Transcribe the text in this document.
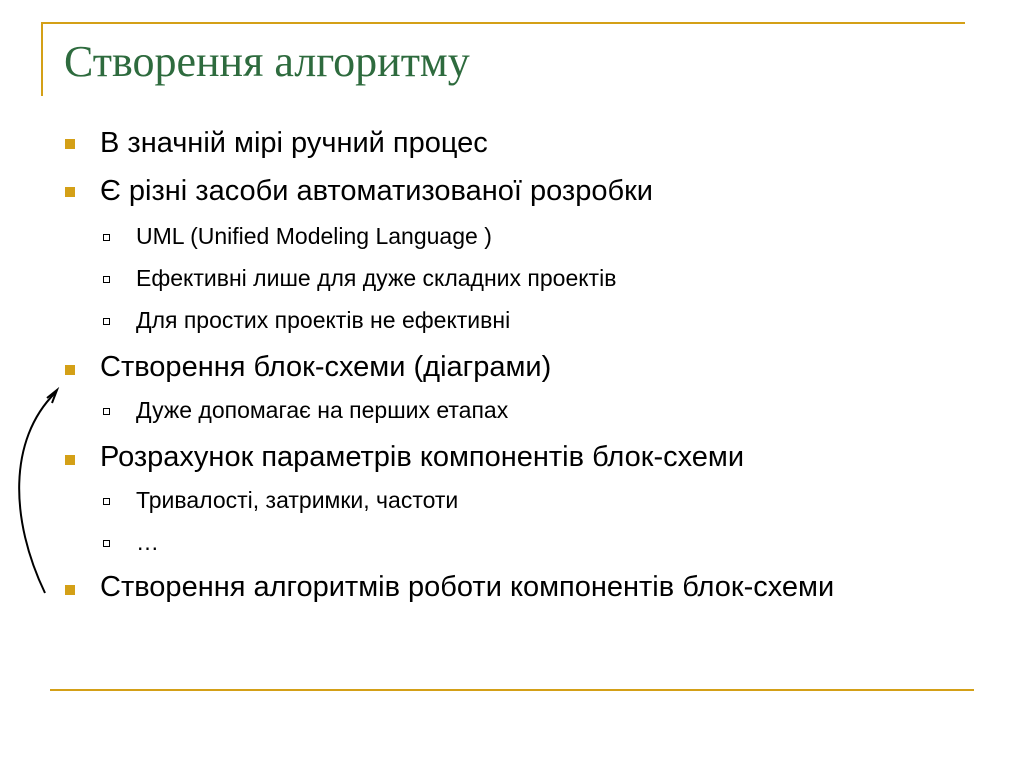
Створення алгоритму
В значній мірі ручний процес
Є різні засоби автоматизованої розробки
UML (Unified Modeling Language )
Ефективні лише для дуже складних проектів
Для простих проектів не ефективні
Створення блок-схеми (діаграми)
Дуже допомагає на перших етапах
Розрахунок параметрів компонентів блок-схеми
Тривалості, затримки, частоти
…
Створення алгоритмів роботи компонентів блок-схеми
